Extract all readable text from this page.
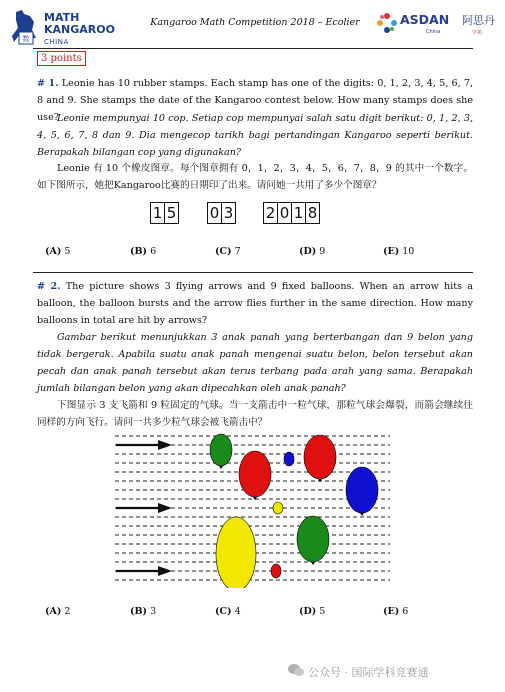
数
MATH
KANGAROO
CHINA
Kangaroo Math Competition 2018 – Ecolier	ASDAN
China
阿思丹
学苑
3 points
# 1. Leonie has 10 rubber stamps. Each stamp has one of the digits: 0, 1, 2, 3, 4, 5, 6, 7, 8 and 9. She stamps the date of the Kangaroo contest below. How many stamps does she use?
Leonie mempunyai 10 cop. Setiap cop mempunyai salah satu digit berikut: 0, 1, 2, 3, 4, 5, 6, 7, 8 dan 9. Dia mengecop tarikh bagi pertandingan Kangaroo seperti berikut. Berapakah bilangan cop yang digunakan?
Leonie 有 10 个橡皮图章。每个图章拥有 0，1，2，3，4，5，6，7，8，9 的其中一个数字。如下图所示，她把Kangaroo比赛的日期印了出来。请问她一共用了多少个图章？
1 5 0 3 2 0 1 8
(A) 5	(B) 6	(C) 7	(D) 9	(E) 10
# 2. The picture shows 3 flying arrows and 9 fixed balloons. When an arrow hits a balloon, the balloon bursts and the arrow flies further in the same direction. How many balloons in total are hit by arrows?
Gambar berikut menunjukkan 3 anak panah yang berterbangan dan 9 belon yang tidak bergerak. Apabila suatu anak panah mengenai suatu belon, belon tersebut akan pecah dan anak panah tersebut akan terus terbang pada arah yang sama. Berapakah jumlah bilangan belon yang akan dipecahkan oleh anak panah?
下图显示 3 支飞箭和 9 粒固定的气球。当一支箭击中一粒气球，那粒气球会爆裂，而箭会继续往同样的方向飞行。请问一共多少粒气球会被飞箭击中？
(A) 2	(B) 3	(C) 4	(D) 5	(E) 6
公众号 · 国际学科竞赛通
